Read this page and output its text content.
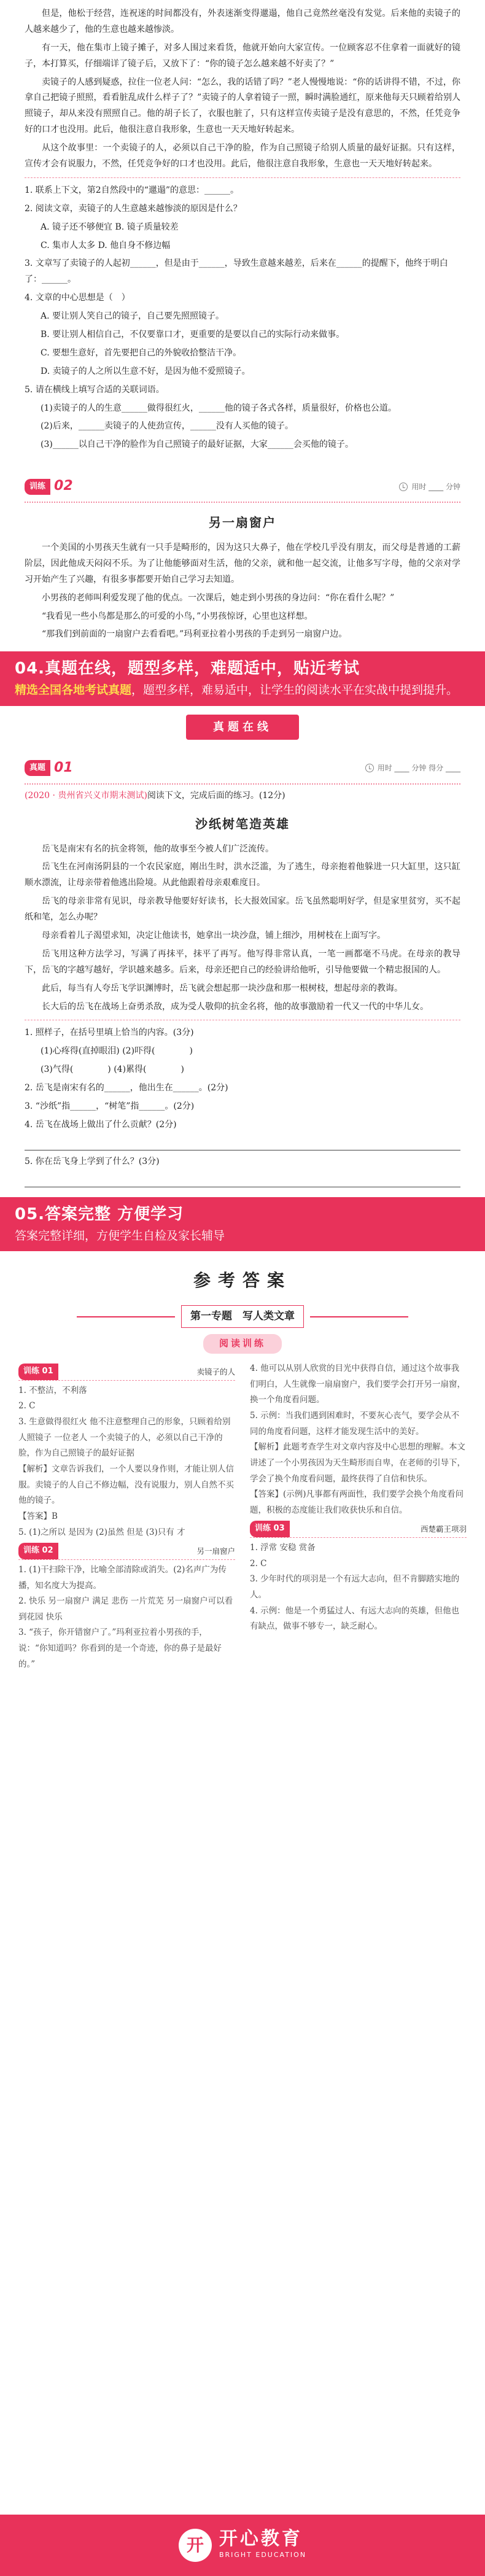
但是，他松于经营，连祝迷的时间都没有，外表迷渐变得邋遢，他自己竟然丝毫没有发觉。后来他的卖镜子的人越来越少了，他的生意也越来越惨淡。

有一天，他在集市上镜子摊子，对多人围过来看货，他就开始向大家宣传。一位顾客忍不住拿着一面就好的镜子，本打算买，仔细端详了镜子后，又放下了：“你的镜子怎么越来越不好卖了？”

卖镜子的人感到疑惑，拉住一位老人问：“怎么，我的话错了吗？”老人慢慢地说：“你的话讲得不错，不过，你拿自己把镜子照照，看看脏乱成什么样子了？”卖镜子的人拿着镜子一照，瞬时满脸通红，原来他每天只顾着给别人照镜子，却从来没有照照自己。他的胡子长了，衣服也脏了，只有这样宣传卖镜子是没有意思的，不然，任凭竞争好的口才也没用。此后，他很注意自我形象，生意也一天天地好转起来。

从这个故事里：一个卖镜子的人，必须以自己干净的脸，作为自己照镜子给别人质量的最好证据。只有这样，宣传才会有说服力，不然，任凭竞争好的口才也没用。此后，他很注意自我形象，生意也一天天地好转起来。

1. 联系上下文，第2自然段中的“邋遢”的意思：______。

2. 阅读文章，卖镜子的人生意越来越惨淡的原因是什么？

A. 镜子还不够便宜 B. 镜子质量较差

C. 集市人太多 D. 他自身不修边幅

3. 文章写了卖镜子的人起初______，但是由于______，导致生意越来越差，后来在______的提醒下，他终于明白了：______。

4. 文章的中心思想是（　）

A. 要让别人笑自己的镜子，自己要先照照镜子。

B. 要让别人相信自己，不仅要靠口才，更重要的是要以自己的实际行动来做事。

C. 要想生意好，首先要把自己的外貌收拾整洁干净。

D. 卖镜子的人之所以生意不好，是因为他不爱照镜子。

5. 请在横线上填写合适的关联词语。

(1)卖镜子的人的生意______做得很红火，______他的镜子各式各样，质量很好，价格也公道。

(2)后来，______卖镜子的人使劲宣传，______没有人买他的镜子。

(3)______以自己干净的脸作为自己照镜子的最好证据，大家______会买他的镜子。

训练 02	用时 ____ 分钟
另一扇窗户

一个美国的小男孩天生就有一只手是畸形的，因为这只大鼻子，他在学校几乎没有朋友，而父母是普通的工薪阶层，因此他成天闷闷不乐。为了让他能够面对生活，他的父亲，就和他一起交流，让他多写字母，他的父亲对学习开始产生了兴趣，有很多事都要开始自己学习去知道。

小男孩的老师叫利爱发现了他的优点。一次课后，她走到小男孩的身边问：“你在看什么呢？”

“我看见一些小鸟都是那么的可爱的小鸟，”小男孩惊讶，心里也这样想。

“那我们到前面的一扇窗户去看看吧。”玛利亚拉着小男孩的手走到另一扇窗户边。

04.真题在线，题型多样，难题适中，贴近考试
精选全国各地考试真题，题型多样，难易适中，让学生的阅读水平在实战中提到提升。
真题在线
真题 01	用时 ____ 分钟 得分 ____

(2020 · 贵州省兴义市期末测试)阅读下文，完成后面的练习。(12分)

沙纸树笔造英雄

岳飞是南宋有名的抗金将领，他的故事至今被人们广泛流传。

岳飞生在河南汤阴县的一个农民家庭，刚出生时，洪水泛滥，为了逃生，母亲抱着他躲进一只大缸里，这只缸顺水漂流，让母亲带着他逃出险境。从此他跟着母亲艰难度日。

岳飞的母亲非常有见识，母亲教导他要好好读书，长大报效国家。岳飞虽然聪明好学，但是家里贫穷，买不起纸和笔，怎么办呢？

母亲看着儿子渴望求知，决定让他读书，她拿出一块沙盘，铺上细沙，用树枝在上面写字。

岳飞用这种方法学习，写满了再抹平，抹平了再写。他写得非常认真，一笔一画都毫不马虎。在母亲的教导下，岳飞的字越写越好，学识越来越多。后来，母亲还把自己的经验讲给他听，引导他要做一个精忠报国的人。

此后，每当有人夸岳飞学识渊博时，岳飞就会想起那一块沙盘和那一根树枝，想起母亲的教诲。

长大后的岳飞在战场上奋勇杀敌，成为受人敬仰的抗金名将，他的故事激励着一代又一代的中华儿女。

1. 照样子，在括号里填上恰当的内容。(3分)

(1)心疼得(直掉眼泪) (2)吓得(　　　　)

(3)气得(　　　　) (4)累得(　　　　)

2. 岳飞是南宋有名的______，他出生在______。(2分)

3. “沙纸”指______，“树笔”指______。(2分)

4. 岳飞在战场上做出了什么贡献？(2分)

5. 你在岳飞身上学到了什么？(3分)

05.答案完整 方便学习
答案完整详细，方便学生自检及家长辅导
参考答案
第一专题　 写人类文章
阅读训练
训练 01	卖镜子的人

1. 不整洁，不利落

2. C

3. 生意做得很红火 他不注意整理自己的形象，只顾着给别人照镜子 一位老人 一个卖镜子的人，必须以自己干净的脸，作为自己照镜子的最好证据

【解析】文章告诉我们，一个人要以身作则，才能让别人信服。卖镜子的人自己不修边幅，没有说服力，别人自然不买他的镜子。

【答案】B

5. (1)之所以 是因为 (2)虽然 但是 (3)只有 才

训练 02	另一扇窗户

1. (1)干扫除干净，比喻全部清除或消失。(2)名声广为传播，知名度大为提高。

2. 快乐 另一扇窗户 满足 悲伤 一片荒芜 另一扇窗户可以看到花园 快乐

3. “孩子，你开错窗户了。”玛利亚拉着小男孩的手，说：“你知道吗？你看到的是一个奇迹，你的鼻子是最好的。”

4. 他可以从别人欣赏的目光中获得自信，通过这个故事我们明白，人生就像一扇扇窗户，我们要学会打开另一扇窗，换一个角度看问题。

5. 示例：当我们遇到困难时，不要灰心丧气，要学会从不同的角度看问题，这样才能发现生活中的美好。

【解析】此题考查学生对文章内容及中心思想的理解。本文讲述了一个小男孩因为天生畸形而自卑，在老师的引导下，学会了换个角度看问题，最终获得了自信和快乐。

【答案】(示例)凡事都有两面性，我们要学会换个角度看问题，积极的态度能让我们收获快乐和自信。

训练 03	西楚霸王项羽

1. 浮常 安稳 赏备

2. C

3. 少年时代的项羽是一个有远大志向，但不肯脚踏实地的人。

4. 示例：他是一个勇猛过人、有远大志向的英雄，但他也有缺点，做事不够专一，缺乏耐心。

开 开心教育
BRIGHT EDUCATION
